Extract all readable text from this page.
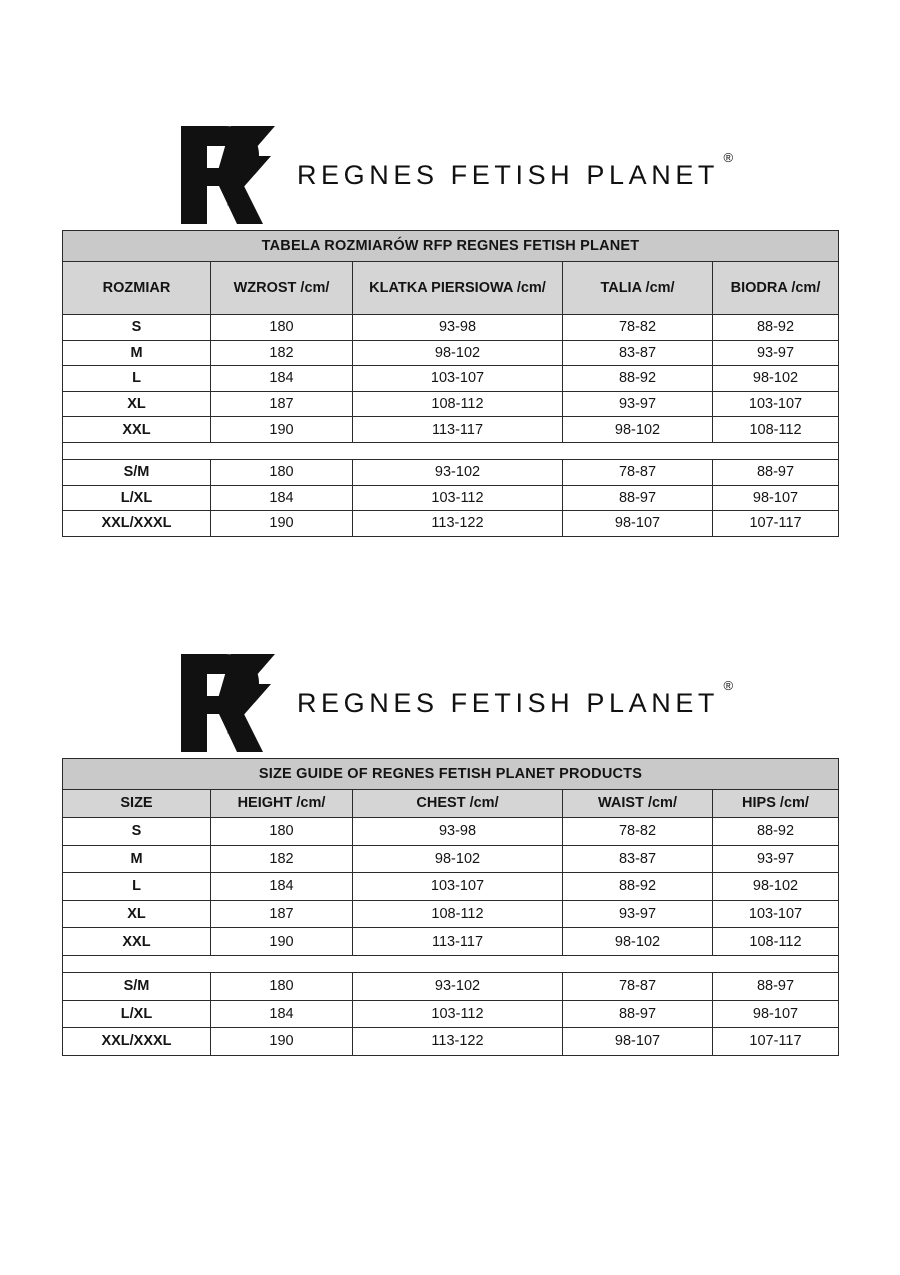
REGNES FETISH PLANET
®
TABELA ROZMIARÓW RFP REGNES FETISH PLANET				
ROZMIAR	WZROST /cm/	KLATKA PIERSIOWA /cm/	TALIA /cm/	BIODRA /cm/
S	180	93-98	78-82	88-92
M	182	98-102	83-87	93-97
L	184	103-107	88-92	98-102
XL	187	108-112	93-97	103-107
XXL	190	113-117	98-102	108-112

S/M	180	93-102	78-87	88-97
L/XL	184	103-112	88-97	98-107
XXL/XXXL	190	113-122	98-107	107-117
REGNES FETISH PLANET
®
SIZE GUIDE OF REGNES FETISH PLANET PRODUCTS				
SIZE	HEIGHT /cm/	CHEST /cm/	WAIST /cm/	HIPS /cm/
S	180	93-98	78-82	88-92
M	182	98-102	83-87	93-97
L	184	103-107	88-92	98-102
XL	187	108-112	93-97	103-107
XXL	190	113-117	98-102	108-112

S/M	180	93-102	78-87	88-97
L/XL	184	103-112	88-97	98-107
XXL/XXXL	190	113-122	98-107	107-117
